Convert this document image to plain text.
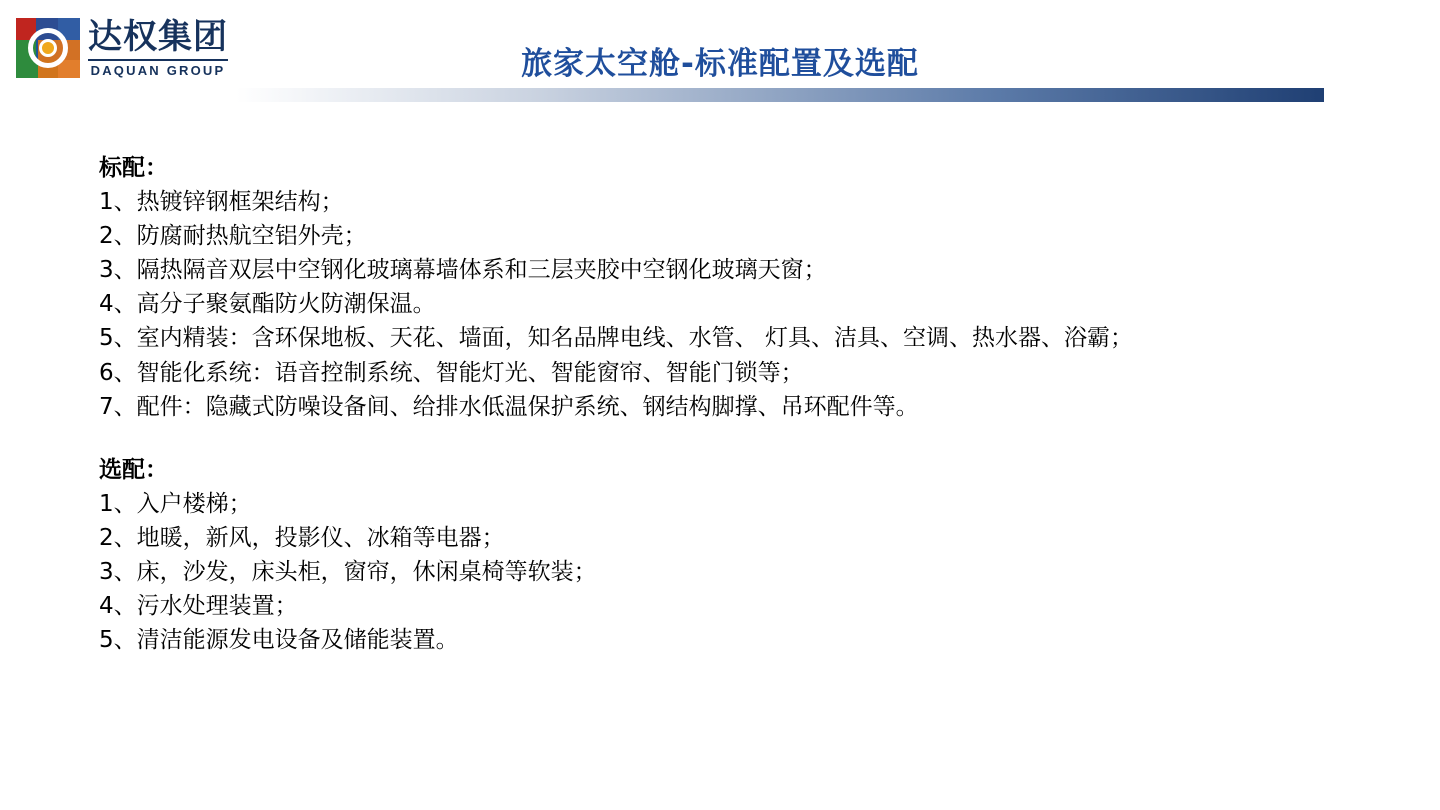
达权集团
DAQUAN GROUP	旅家太空舱-标准配置及选配
标配：
1、热镀锌钢框架结构；
2、防腐耐热航空铝外壳；
3、隔热隔音双层中空钢化玻璃幕墙体系和三层夹胶中空钢化玻璃天窗；
4、高分子聚氨酯防火防潮保温。
5、室内精装：含环保地板、天花、墙面，知名品牌电线、水管、 灯具、洁具、空调、热水器、浴霸；
6、智能化系统：语音控制系统、智能灯光、智能窗帘、智能门锁等；
7、配件：隐藏式防噪设备间、给排水低温保护系统、钢结构脚撑、吊环配件等。
选配：
1、入户楼梯；
2、地暖，新风，投影仪、冰箱等电器；
3、床，沙发，床头柜，窗帘，休闲桌椅等软装；
4、污水处理装置；
5、清洁能源发电设备及储能装置。
